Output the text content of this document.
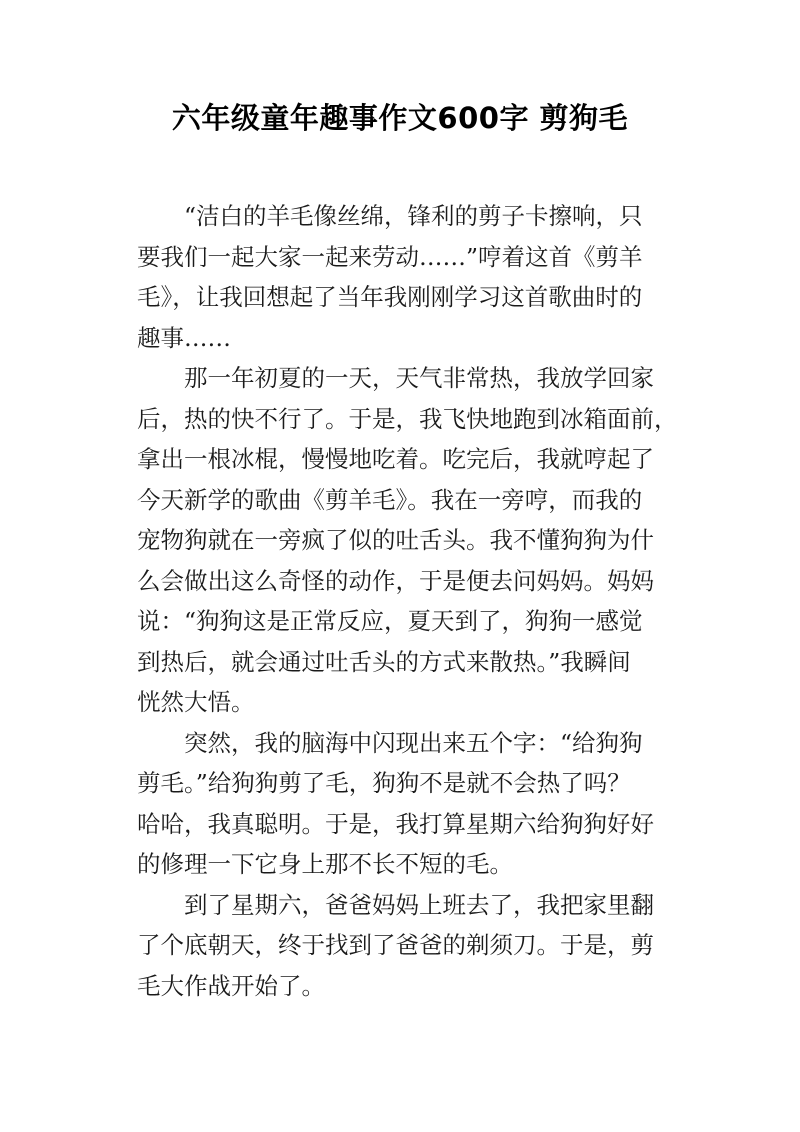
六年级童年趣事作文600字 剪狗毛
“洁白的羊毛像丝绵，锋利的剪子卡擦响，只
要我们一起大家一起来劳动……”哼着这首《剪羊
毛》，让我回想起了当年我刚刚学习这首歌曲时的
趣事……
那一年初夏的一天，天气非常热，我放学回家
后，热的快不行了。于是，我飞快地跑到冰箱面前，
拿出一根冰棍，慢慢地吃着。吃完后，我就哼起了
今天新学的歌曲《剪羊毛》。我在一旁哼，而我的
宠物狗就在一旁疯了似的吐舌头。我不懂狗狗为什
么会做出这么奇怪的动作，于是便去问妈妈。妈妈
说：“狗狗这是正常反应，夏天到了，狗狗一感觉
到热后，就会通过吐舌头的方式来散热。”我瞬间
恍然大悟。
突然，我的脑海中闪现出来五个字：“给狗狗
剪毛。”给狗狗剪了毛，狗狗不是就不会热了吗？
哈哈，我真聪明。于是，我打算星期六给狗狗好好
的修理一下它身上那不长不短的毛。
到了星期六，爸爸妈妈上班去了，我把家里翻
了个底朝天，终于找到了爸爸的剃须刀。于是，剪
毛大作战开始了。
